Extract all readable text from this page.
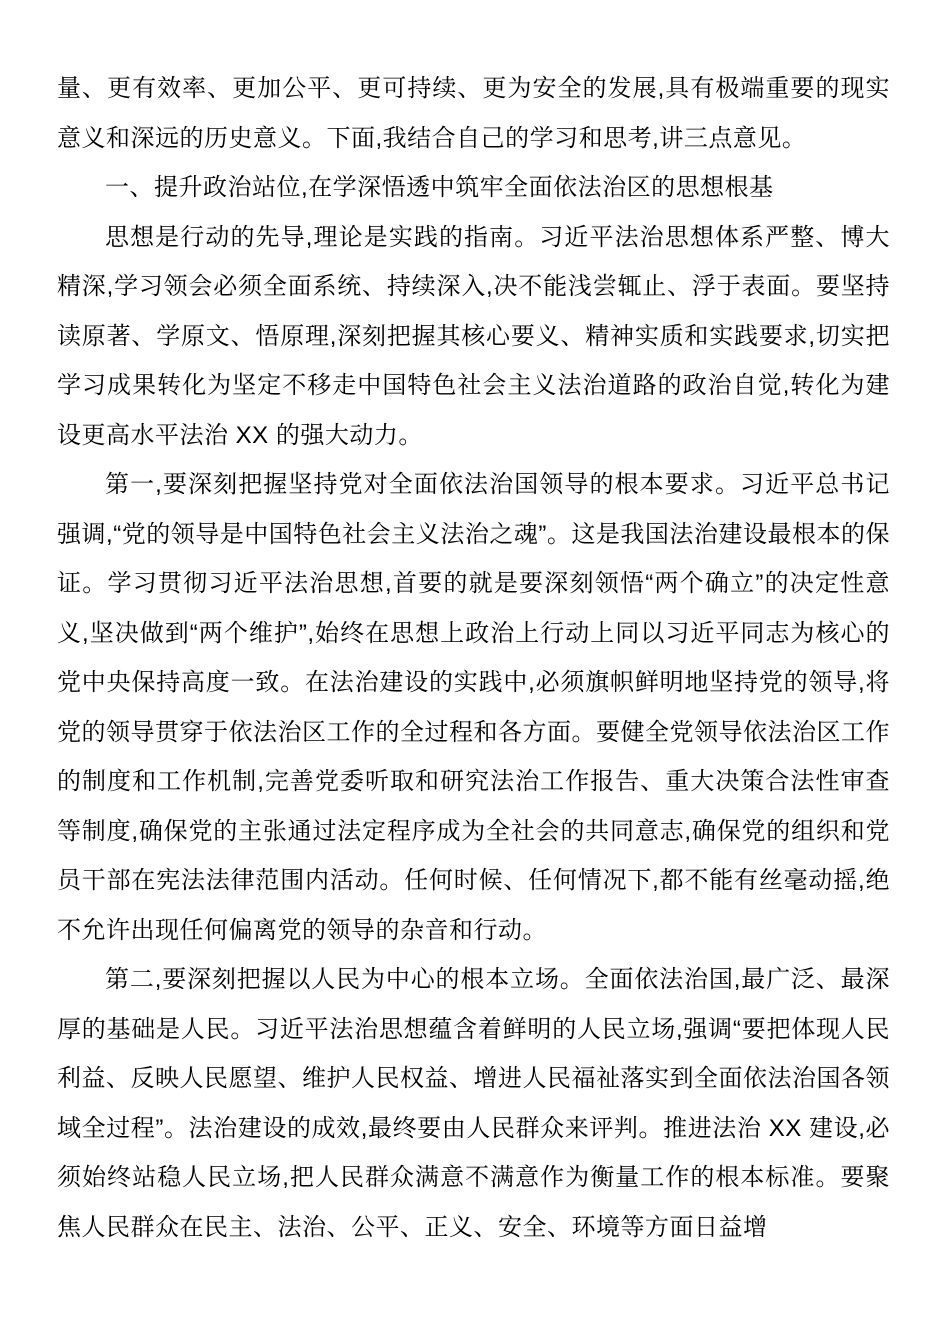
量、更有效率、更加公平、更可持续、更为安全的发展,具有极端重要的现实意义和深远的历史意义。下面,我结合自己的学习和思考,讲三点意见。

一、提升政治站位,在学深悟透中筑牢全面依法治区的思想根基

思想是行动的先导,理论是实践的指南。习近平法治思想体系严整、博大精深,学习领会必须全面系统、持续深入,决不能浅尝辄止、浮于表面。要坚持读原著、学原文、悟原理,深刻把握其核心要义、精神实质和实践要求,切实把学习成果转化为坚定不移走中国特色社会主义法治道路的政治自觉,转化为建设更高水平法治 XX 的强大动力。

第一,要深刻把握坚持党对全面依法治国领导的根本要求。习近平总书记强调,“党的领导是中国特色社会主义法治之魂”。这是我国法治建设最根本的保证。学习贯彻习近平法治思想,首要的就是要深刻领悟“两个确立”的决定性意义,坚决做到“两个维护”,始终在思想上政治上行动上同以习近平同志为核心的党中央保持高度一致。在法治建设的实践中,必须旗帜鲜明地坚持党的领导,将党的领导贯穿于依法治区工作的全过程和各方面。要健全党领导依法治区工作的制度和工作机制,完善党委听取和研究法治工作报告、重大决策合法性审查等制度,确保党的主张通过法定程序成为全社会的共同意志,确保党的组织和党员干部在宪法法律范围内活动。任何时候、任何情况下,都不能有丝毫动摇,绝不允许出现任何偏离党的领导的杂音和行动。

第二,要深刻把握以人民为中心的根本立场。全面依法治国,最广泛、最深厚的基础是人民。习近平法治思想蕴含着鲜明的人民立场,强调“要把体现人民利益、反映人民愿望、维护人民权益、增进人民福祉落实到全面依法治国各领域全过程”。法治建设的成效,最终要由人民群众来评判。推进法治 XX 建设,必须始终站稳人民立场,把人民群众满意不满意作为衡量工作的根本标准。要聚焦人民群众在民主、法治、公平、正义、安全、环境等方面日益增
